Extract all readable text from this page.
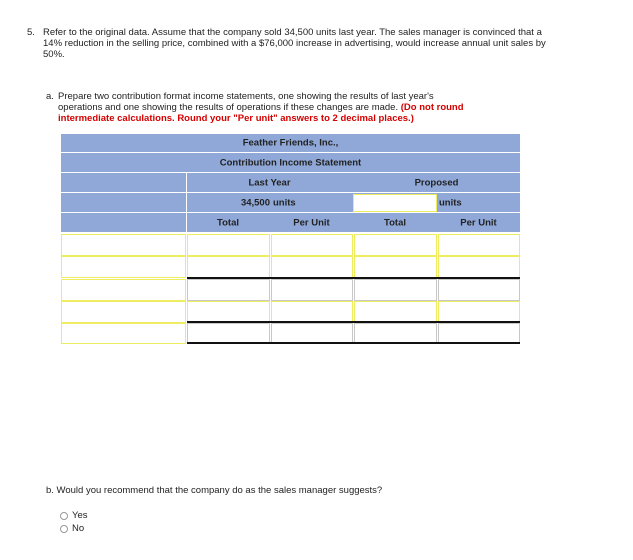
5. Refer to the original data. Assume that the company sold 34,500 units last year. The sales manager is convinced that a 14% reduction in the selling price, combined with a $76,000 increase in advertising, would increase annual unit sales by 50%.
a. Prepare two contribution format income statements, one showing the results of last year's
operations and one showing the results of operations if these changes are made. (Do not round
intermediate calculations. Round your "Per unit" answers to 2 decimal places.)
Feather Friends, Inc.,
Contribution Income Statement
Last Year	Proposed
34,500 units	units
Total	Per Unit	Total	Per Unit
b. Would you recommend that the company do as the sales manager suggests?
Yes
No
